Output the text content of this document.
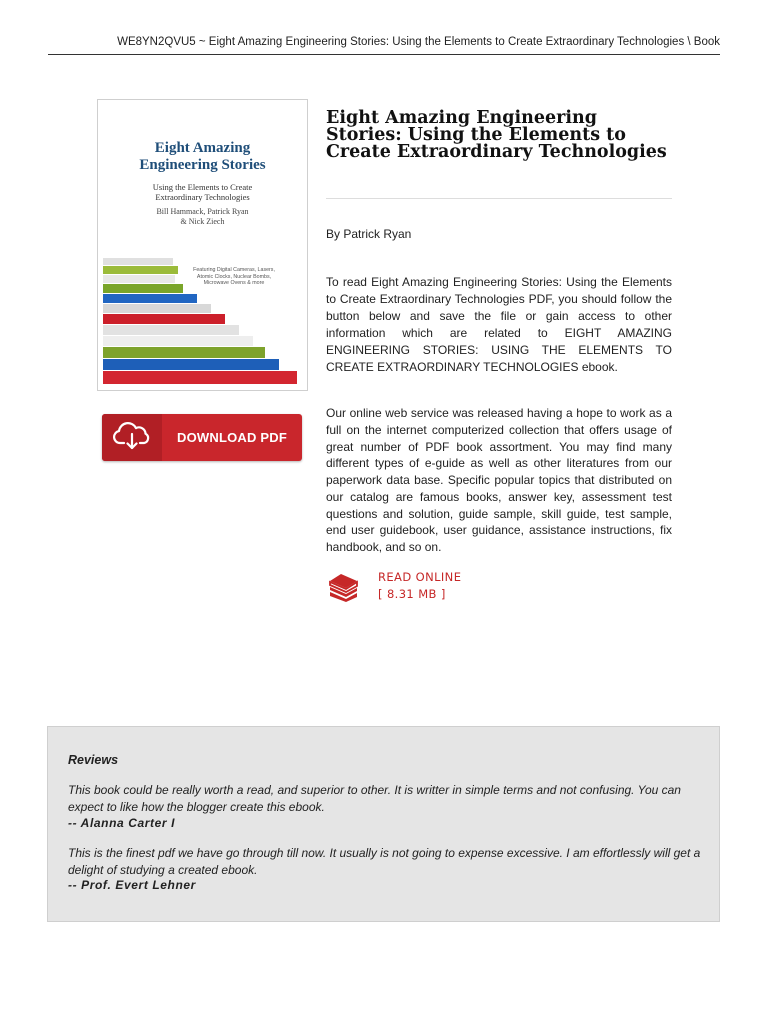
WE8YN2QVU5 ~ Eight Amazing Engineering Stories: Using the Elements to Create Extraordinary Technologies \ Book
Eight Amazing
Engineering Stories
Using the Elements to Create
Extraordinary Technologies
Bill Hammack, Patrick Ryan
& Nick Ziech
Featuring Digital Cameras, Lasers,
Atomic Clocks, Nuclear Bombs,
Microwave Ovens & more
DOWNLOAD PDF
Eight Amazing Engineering Stories: Using the Elements to Create Extraordinary Technologies
By Patrick Ryan
To read Eight Amazing Engineering Stories: Using the Elements to Create Extraordinary Technologies PDF, you should follow the button below and save the file or gain access to other information which are related to EIGHT AMAZING ENGINEERING STORIES: USING THE ELEMENTS TO CREATE EXTRAORDINARY TECHNOLOGIES ebook.
Our online web service was released having a hope to work as a full on the internet computerized collection that offers usage of great number of PDF book assortment. You may find many different types of e-guide as well as other literatures from our paperwork data base. Specific popular topics that distributed on our catalog are famous books, answer key, assessment test questions and solution, guide sample, skill guide, test sample, end user guidebook, user guidance, assistance instructions, fix handbook, and so on.
READ ONLINE
[ 8.31 MB ]
Reviews
This book could be really worth a read, and superior to other. It is writter in simple terms and not confusing. You can expect to like how the blogger create this ebook.
-- Alanna Carter I
This is the finest pdf we have go through till now. It usually is not going to expense excessive. I am effortlessly will get a delight of studying a created ebook.
-- Prof. Evert Lehner
